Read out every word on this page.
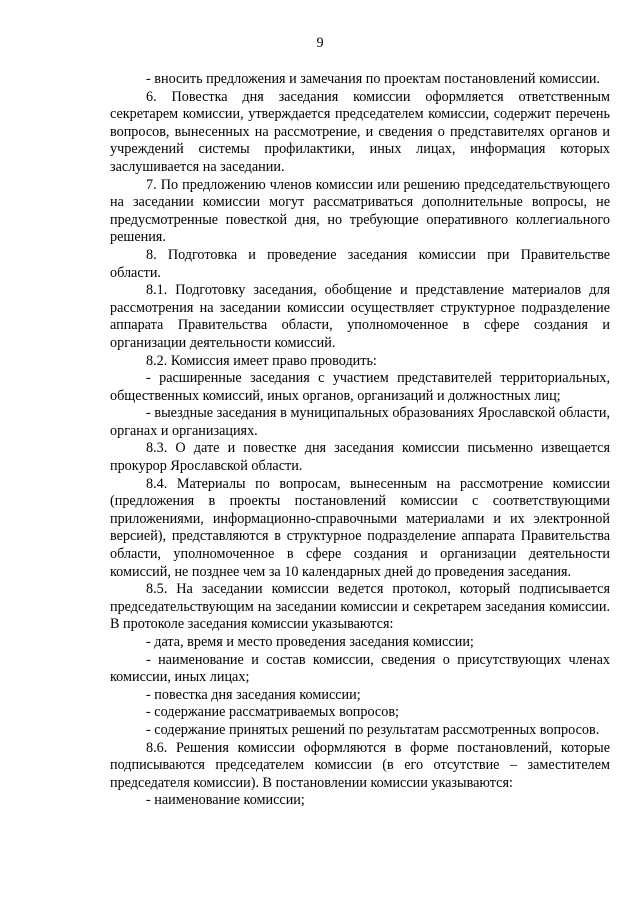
9

- вносить предложения и замечания по проектам постановлений комиссии.

6. Повестка дня заседания комиссии оформляется ответственным секретарем комиссии, утверждается председателем комиссии, содержит перечень вопросов, вынесенных на рассмотрение, и сведения о представителях органов и учреждений системы профилактики, иных лицах, информация которых заслушивается на заседании.

7. По предложению членов комиссии или решению председательствующего на заседании комиссии могут рассматриваться дополнительные вопросы, не предусмотренные повесткой дня, но требующие оперативного коллегиального решения.

8. Подготовка и проведение заседания комиссии при Правительстве области.

8.1. Подготовку заседания, обобщение и представление материалов для рассмотрения на заседании комиссии осуществляет структурное подразделение аппарата Правительства области, уполномоченное в сфере создания и организации деятельности комиссий.

8.2. Комиссия имеет право проводить:

- расширенные заседания с участием представителей территориальных, общественных комиссий, иных органов, организаций и должностных лиц;

- выездные заседания в муниципальных образованиях Ярославской области, органах и организациях.

8.3. О дате и повестке дня заседания комиссии письменно извещается прокурор Ярославской области.

8.4. Материалы по вопросам, вынесенным на рассмотрение комиссии (предложения в проекты постановлений комиссии с соответствующими приложениями, информационно-справочными материалами и их электронной версией), представляются в структурное подразделение аппарата Правительства области, уполномоченное в сфере создания и организации деятельности комиссий, не позднее чем за 10 календарных дней до проведения заседания.

8.5. На заседании комиссии ведется протокол, который подписывается председательствующим на заседании комиссии и секретарем заседания комиссии. В протоколе заседания комиссии указываются:

- дата, время и место проведения заседания комиссии;

- наименование и состав комиссии, сведения о присутствующих членах комиссии, иных лицах;

- повестка дня заседания комиссии;

- содержание рассматриваемых вопросов;

- содержание принятых решений по результатам рассмотренных вопросов.

8.6. Решения комиссии оформляются в форме постановлений, которые подписываются председателем комиссии (в его отсутствие – заместителем председателя комиссии). В постановлении комиссии указываются:

- наименование комиссии;
